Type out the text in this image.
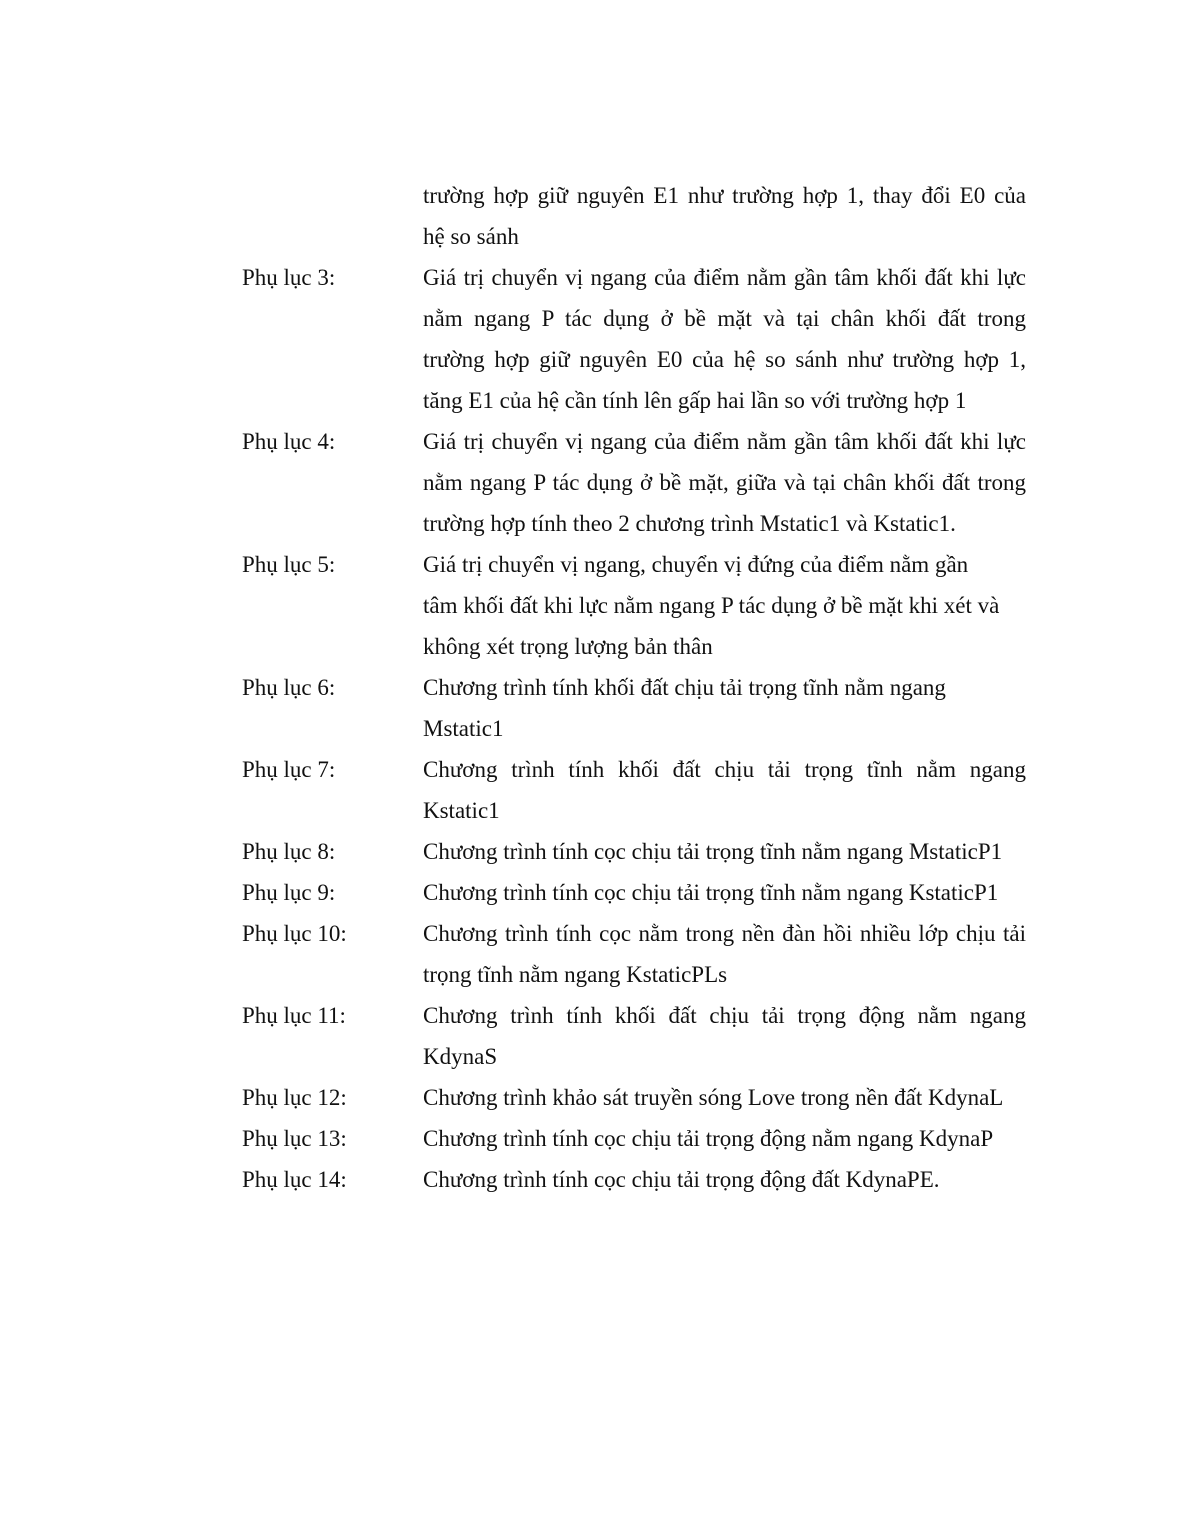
trường hợp giữ nguyên E1 như trường hợp 1, thay đổi E0 của
hệ so sánh
Phụ lục 3:	Giá trị chuyển vị ngang của điểm nằm gần tâm khối đất khi lực
nằm ngang P tác dụng ở bề mặt và tại chân khối đất trong
trường hợp giữ nguyên E0 của hệ so sánh như trường hợp 1,
tăng E1 của hệ cần tính lên gấp hai lần so với trường hợp 1
Phụ lục 4:	Giá trị chuyển vị ngang của điểm nằm gần tâm khối đất khi lực
nằm ngang P tác dụng ở bề mặt, giữa và tại chân khối đất trong
trường hợp tính theo 2 chương trình Mstatic1 và Kstatic1.
Phụ lục 5:	Giá trị chuyển vị ngang, chuyển vị đứng của điểm nằm gần
tâm khối đất khi lực nằm ngang P tác dụng ở bề mặt khi xét và
không xét trọng lượng bản thân
Phụ lục 6:	Chương trình tính khối đất chịu tải trọng tĩnh nằm ngang
Mstatic1
Phụ lục 7:	Chương trình tính khối đất chịu tải trọng tĩnh nằm ngang
Kstatic1
Phụ lục 8:	Chương trình tính cọc chịu tải trọng tĩnh nằm ngang MstaticP1
Phụ lục 9:	Chương trình tính cọc chịu tải trọng tĩnh nằm ngang KstaticP1
Phụ lục 10:	Chương trình tính cọc nằm trong nền đàn hồi nhiều lớp chịu tải
trọng tĩnh nằm ngang KstaticPLs
Phụ lục 11:	Chương trình tính khối đất chịu tải trọng động nằm ngang
KdynaS
Phụ lục 12:	Chương trình khảo sát truyền sóng Love trong nền đất KdynaL
Phụ lục 13:	Chương trình tính cọc chịu tải trọng động nằm ngang KdynaP
Phụ lục 14:	Chương trình tính cọc chịu tải trọng động đất KdynaPE.
